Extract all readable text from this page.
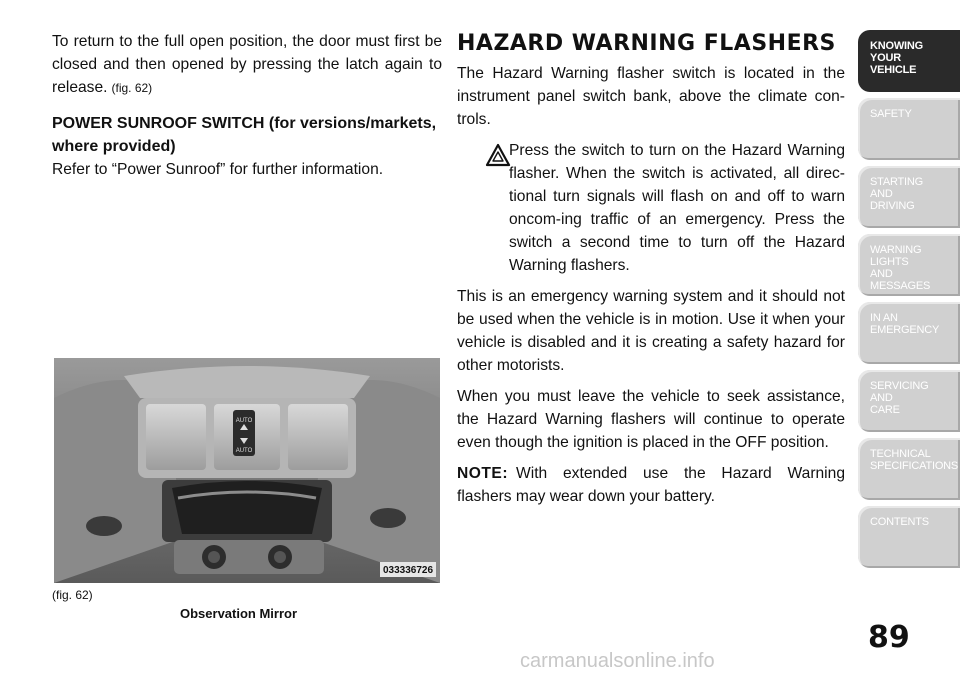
To return to the full open position, the door must first be closed and then opened by pressing the latch again to release. (fig. 62)

POWER SUNROOF SWITCH (for versions/markets, where provided)

Refer to “Power Sunroof” for further information.

AUTO
AUTO
033336726
(fig. 62)
Observation Mirror
HAZARD WARNING FLASHERS

The Hazard Warning flasher switch is located in the instrument panel switch bank, above the climate con-trols.

Press the switch to turn on the Hazard Warning flasher. When the switch is activated, all direc-tional turn signals will flash on and off to warn oncom-ing traffic of an emergency. Press the switch a second time to turn off the Hazard Warning flashers.

This is an emergency warning system and it should not be used when the vehicle is in motion. Use it when your vehicle is disabled and it is creating a safety hazard for other motorists.

When you must leave the vehicle to seek assistance, the Hazard Warning flashers will continue to operate even though the ignition is placed in the OFF position.

NOTE: With extended use the Hazard Warning flashers may wear down your battery.

KNOWING
YOUR
VEHICLE
SAFETY
STARTING
AND
DRIVING
WARNING
LIGHTS
AND
MESSAGES
IN AN
EMERGENCY
SERVICING
AND
CARE
TECHNICAL
SPECIFICATIONS
CONTENTS
89
carmanualsonline.info
